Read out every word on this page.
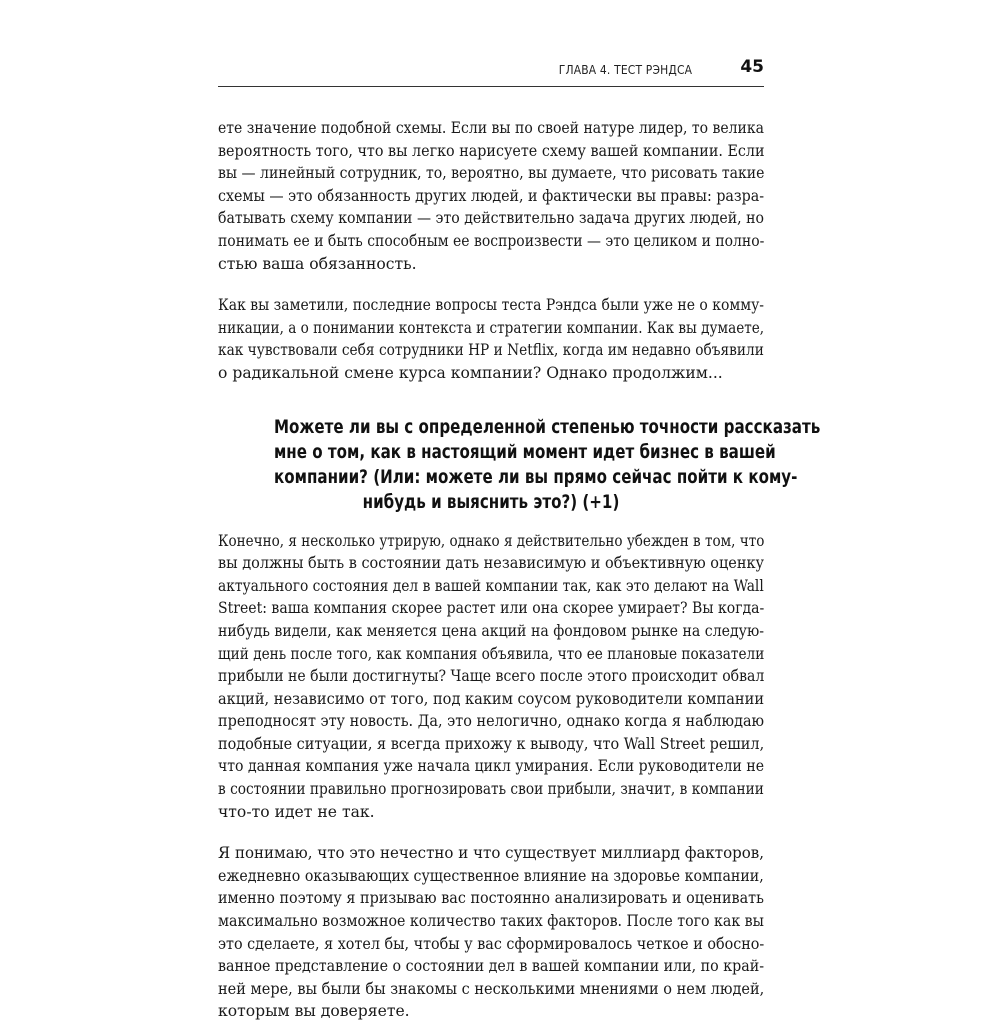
ГЛАВА 4. ТЕСТ РЭНДСА	45

ете значение подобной схемы. Если вы по своей натуре лидер, то велика
вероятность того, что вы легко нарисуете схему вашей компании. Если
вы — линейный сотрудник, то, вероятно, вы думаете, что рисовать такие
схемы — это обязанность других людей, и фактически вы правы: разра-
батывать схему компании — это действительно задача других людей, но
понимать ее и быть способным ее воспроизвести — это целиком и полно-
стью ваша обязанность.

Как вы заметили, последние вопросы теста Рэндса были уже не о комму-
никации, а о понимании контекста и стратегии компании. Как вы думаете,
как чувствовали себя сотрудники HP и Netflix, когда им недавно объявили
о радикальной смене курса компании? Однако продолжим...

Можете ли вы с определенной степенью точности рассказать
мне о том, как в настоящий момент идет бизнес в вашей
компании? (Или: можете ли вы прямо сейчас пойти к кому-
нибудь и выяснить это?) (+1)

Конечно, я несколько утрирую, однако я действительно убежден в том, что
вы должны быть в состоянии дать независимую и объективную оценку
актуального состояния дел в вашей компании так, как это делают на Wall
Street: ваша компания скорее растет или она скорее умирает? Вы когда-
нибудь видели, как меняется цена акций на фондовом рынке на следую-
щий день после того, как компания объявила, что ее плановые показатели
прибыли не были достигнуты? Чаще всего после этого происходит обвал
акций, независимо от того, под каким соусом руководители компании
преподносят эту новость. Да, это нелогично, однако когда я наблюдаю
подобные ситуации, я всегда прихожу к выводу, что Wall Street решил,
что данная компания уже начала цикл умирания. Если руководители не
в состоянии правильно прогнозировать свои прибыли, значит, в компании
что-то идет не так.

Я понимаю, что это нечестно и что существует миллиард факторов,
ежедневно оказывающих существенное влияние на здоровье компании,
именно поэтому я призываю вас постоянно анализировать и оценивать
максимально возможное количество таких факторов. После того как вы
это сделаете, я хотел бы, чтобы у вас сформировалось четкое и обосно-
ванное представление о состоянии дел в вашей компании или, по край-
ней мере, вы были бы знакомы с несколькими мнениями о нем людей,
которым вы доверяете.
